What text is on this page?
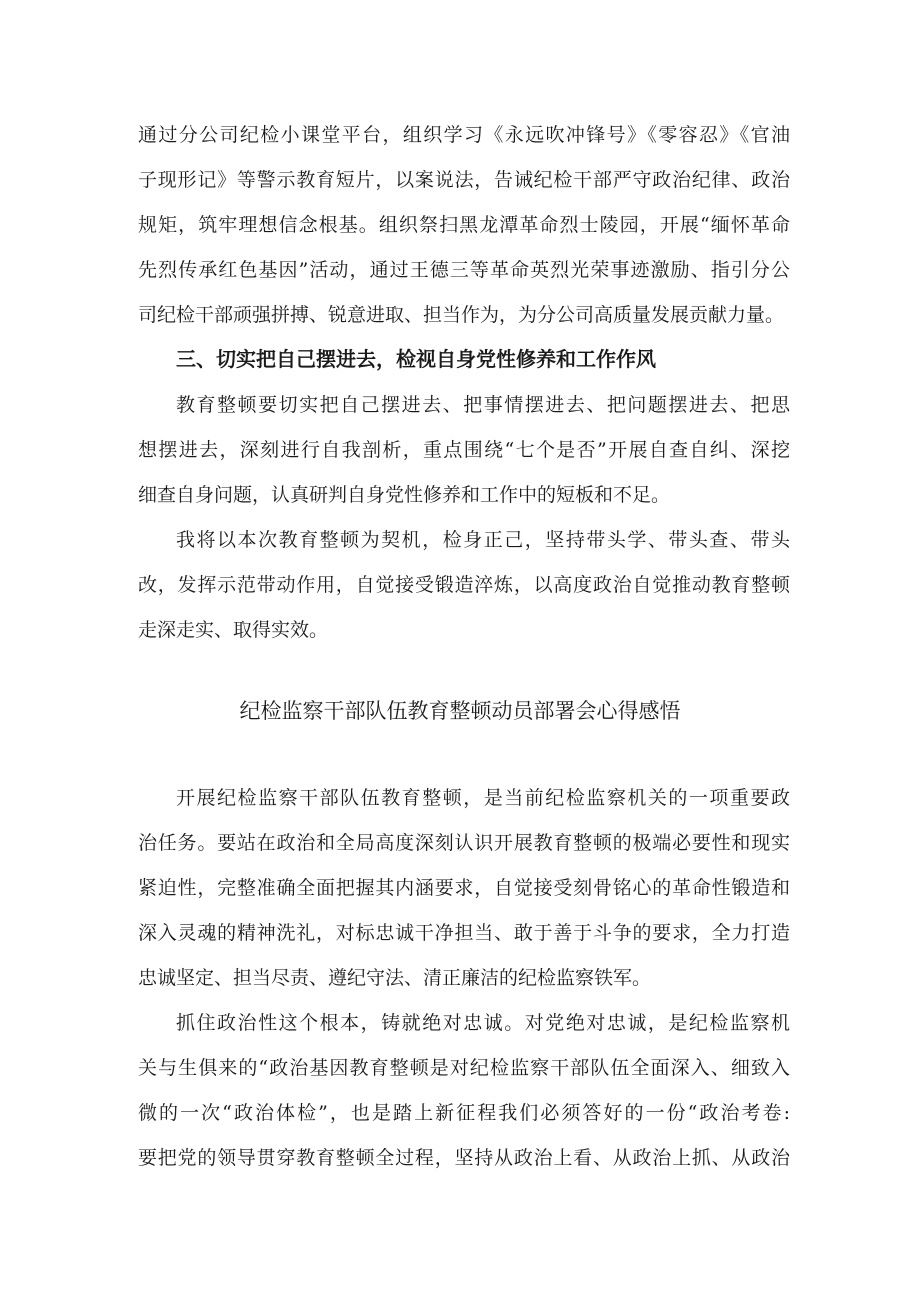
通过分公司纪检小课堂平台，组织学习《永远吹冲锋号》《零容忍》《官油
子现形记》等警示教育短片，以案说法，告诫纪检干部严守政治纪律、政治
规矩，筑牢理想信念根基。组织祭扫黑龙潭革命烈士陵园，开展“缅怀革命
先烈传承红色基因”活动，通过王德三等革命英烈光荣事迹激励、指引分公
司纪检干部顽强拼搏、锐意进取、担当作为，为分公司高质量发展贡献力量。
三、切实把自己摆进去，检视自身党性修养和工作作风
教育整顿要切实把自己摆进去、把事情摆进去、把问题摆进去、把思
想摆进去，深刻进行自我剖析，重点围绕“七个是否”开展自查自纠、深挖
细查自身问题，认真研判自身党性修养和工作中的短板和不足。
我将以本次教育整顿为契机，检身正己，坚持带头学、带头查、带头
改，发挥示范带动作用，自觉接受锻造淬炼，以高度政治自觉推动教育整顿
走深走实、取得实效。
纪检监察干部队伍教育整顿动员部署会心得感悟
开展纪检监察干部队伍教育整顿，是当前纪检监察机关的一项重要政
治任务。要站在政治和全局高度深刻认识开展教育整顿的极端必要性和现实
紧迫性，完整准确全面把握其内涵要求，自觉接受刻骨铭心的革命性锻造和
深入灵魂的精神洗礼，对标忠诚干净担当、敢于善于斗争的要求，全力打造
忠诚坚定、担当尽责、遵纪守法、清正廉洁的纪检监察铁军。
抓住政治性这个根本，铸就绝对忠诚。对党绝对忠诚，是纪检监察机
关与生俱来的“政治基因教育整顿是对纪检监察干部队伍全面深入、细致入
微的一次“政治体检”，也是踏上新征程我们必须答好的一份“政治考卷:
要把党的领导贯穿教育整顿全过程，坚持从政治上看、从政治上抓、从政治
